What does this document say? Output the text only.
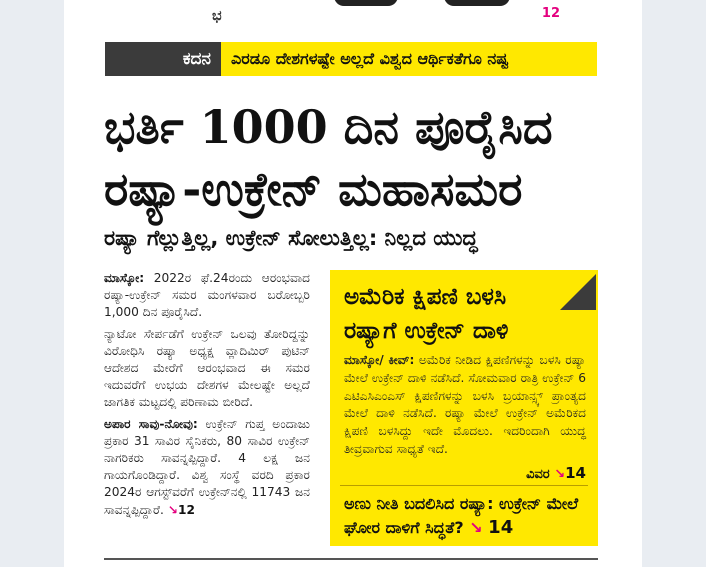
ಭ	12
ಕದನ	ಎರಡೂ ದೇಶಗಳಷ್ಟೇ ಅಲ್ಲದೆ ವಿಶ್ವದ ಆರ್ಥಿಕತೆಗೂ ನಷ್ಟ
ಭರ್ತಿ 1000 ದಿನ ಪೂರೈಸಿದ
ರಷ್ಯಾ-ಉಕ್ರೇನ್ ಮಹಾಸಮರ
ರಷ್ಯಾ ಗೆಲ್ಲುತ್ತಿಲ್ಲ, ಉಕ್ರೇನ್ ಸೋಲುತ್ತಿಲ್ಲ: ನಿಲ್ಲದ ಯುದ್ಧ

ಮಾಸ್ಕೋ: 2022ರ ಫೆ.24ರಂದು ಆರಂಭವಾದ ರಷ್ಯಾ-ಉಕ್ರೇನ್ ಸಮರ ಮಂಗಳವಾರ ಬರೋಬ್ಬರಿ 1,000 ದಿನ ಪೂರೈಸಿದೆ.

ನ್ಯಾಟೋ ಸೇರ್ಪಡೆಗೆ ಉಕ್ರೇನ್ ಒಲವು ತೋರಿದ್ದನ್ನು ವಿರೋಧಿಸಿ ರಷ್ಯಾ ಅಧ್ಯಕ್ಷ ವ್ಲಾದಿಮಿರ್ ಪುಟಿನ್ ಆದೇಶದ ಮೇರೆಗೆ ಆರಂಭವಾದ ಈ ಸಮರ ಇದುವರೆಗೆ ಉಭಯ ದೇಶಗಳ ಮೇಲಷ್ಟೇ ಅಲ್ಲದೆ ಜಾಗತಿಕ ಮಟ್ಟದಲ್ಲಿ ಪರಿಣಾಮ ಬೀರಿದೆ.

ಅಪಾರ ಸಾವು-ನೋವು: ಉಕ್ರೇನ್ ಗುಪ್ತ ಅಂದಾಜು ಪ್ರಕಾರ 31 ಸಾವಿರ ಸೈನಿಕರು, 80 ಸಾವಿರ ಉಕ್ರೇನ್ ನಾಗರಿಕರು ಸಾವನ್ನಪ್ಪಿದ್ದಾರೆ. 4 ಲಕ್ಷ ಜನ ಗಾಯಗೊಂಡಿದ್ದಾರೆ. ವಿಶ್ವ ಸಂಸ್ಥೆ ವರದಿ ಪ್ರಕಾರ 2024ರ ಆಗಸ್ಟ್‌ವರೆಗೆ ಉಕ್ರೇನ್‌ನಲ್ಲಿ 11743 ಜನ ಸಾವನ್ನಪ್ಪಿದ್ದಾರೆ. ↘12

ಅಮೆರಿಕ ಕ್ಷಿಪಣಿ ಬಳಸಿ
ರಷ್ಯಾಗೆ ಉಕ್ರೇನ್ ದಾಳಿ

ಮಾಸ್ಕೋ/ ಕೀವ್: ಅಮೆರಿಕ ನೀಡಿದ ಕ್ಷಿಪಣಿಗಳನ್ನು ಬಳಸಿ ರಷ್ಯಾ ಮೇಲೆ ಉಕ್ರೇನ್ ದಾಳಿ ನಡೆಸಿದೆ. ಸೋಮವಾರ ರಾತ್ರಿ ಉಕ್ರೇನ್ 6 ಎಟಿಎಸಿಎಂಎಸ್ ಕ್ಷಿಪಣಿಗಳನ್ನು ಬಳಸಿ ಬ್ರಯಾನ್ಸ್ಕ್ ಪ್ರಾಂತ್ಯದ ಮೇಲೆ ದಾಳಿ ನಡೆಸಿದೆ. ರಷ್ಯಾ ಮೇಲೆ ಉಕ್ರೇನ್ ಅಮೆರಿಕದ ಕ್ಷಿಪಣಿ ಬಳಸಿದ್ದು ಇದೇ ಮೊದಲು. ಇದರಿಂದಾಗಿ ಯುದ್ಧ ತೀವ್ರವಾಗುವ ಸಾಧ್ಯತೆ ಇದೆ.

ವಿವರ ↘14

ಅಣು ನೀತಿ ಬದಲಿಸಿದ ರಷ್ಯಾ: ಉಕ್ರೇನ್ ಮೇಲೆ ಘೋರ ದಾಳಿಗೆ ಸಿದ್ಧತೆ? ↘ 14
